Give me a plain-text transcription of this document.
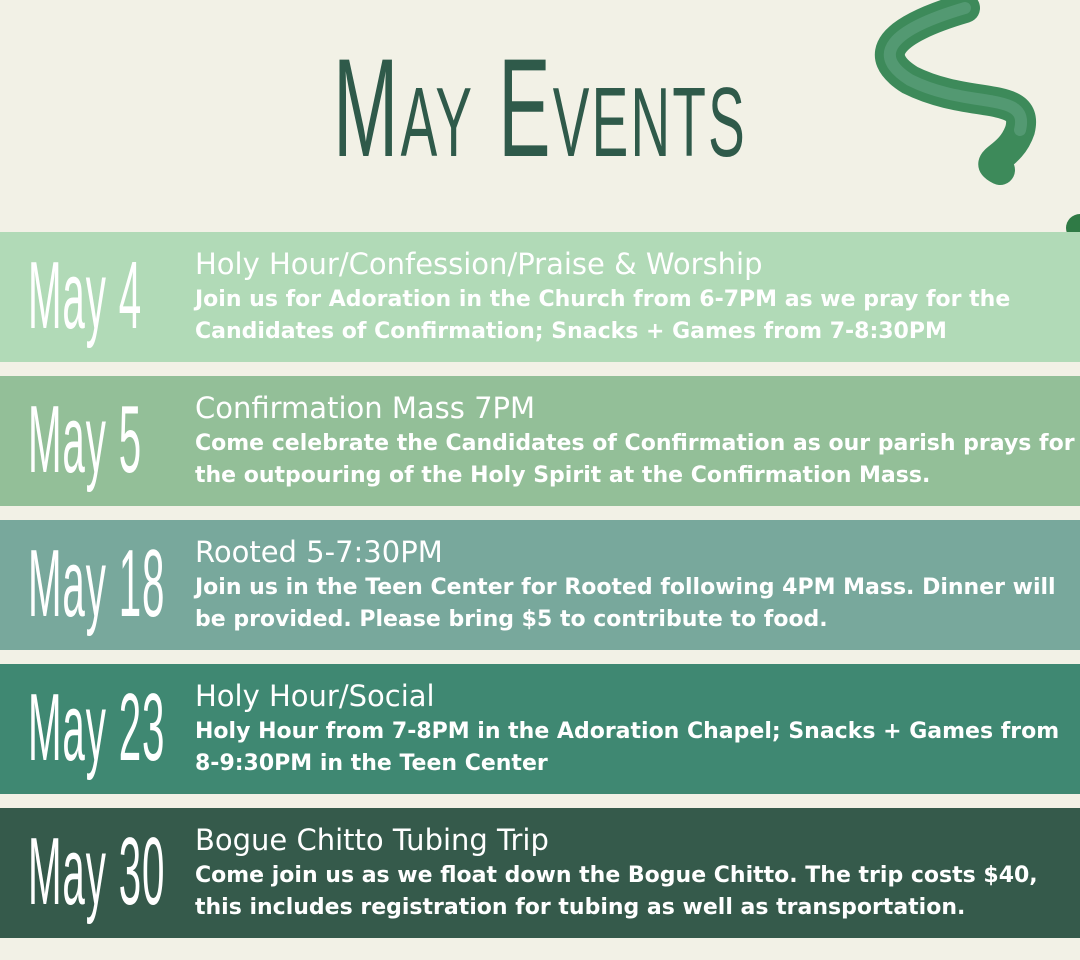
May Events
May 4	Holy Hour/Confession/Praise & Worship
Join us for Adoration in the Church from 6-7PM as we pray for the Candidates of Confirmation; Snacks + Games from 7-8:30PM
May 5	Confirmation Mass 7PM
Come celebrate the Candidates of Confirmation as our parish prays for the outpouring of the Holy Spirit at the Confirmation Mass.
May 18 Rooted 5-7:30PM
Join us in the Teen Center for Rooted following 4PM Mass. Dinner will be provided. Please bring $5 to contribute to food.
May 23 Holy Hour/Social
Holy Hour from 7-8PM in the Adoration Chapel; Snacks + Games from 8-9:30PM in the Teen Center
May 30 Bogue Chitto Tubing Trip
Come join us as we float down the Bogue Chitto. The trip costs $40, this includes registration for tubing as well as transportation.
